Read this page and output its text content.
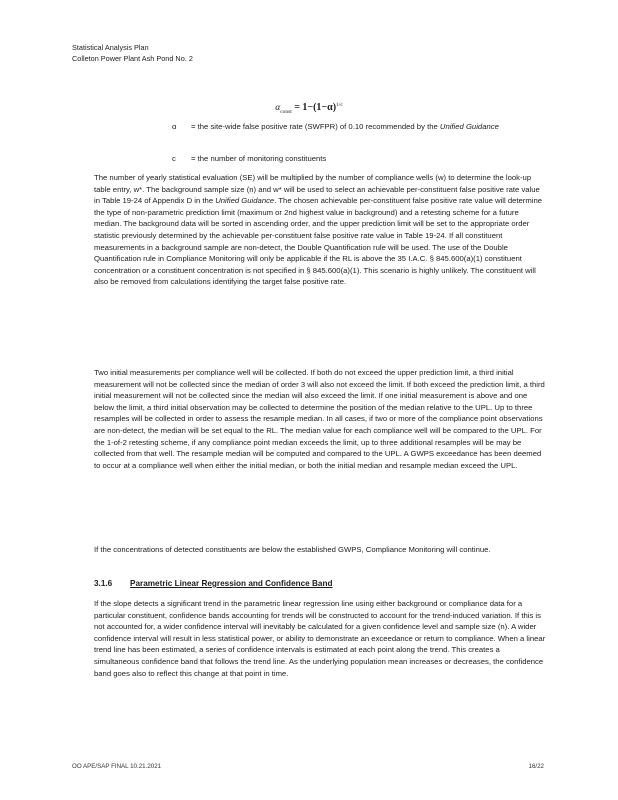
Statistical Analysis Plan
Colleton Power Plant Ash Pond No. 2
$\alpha_{const} = 1-(1-\alpha)^{1/c}$
α	= the site-wide false positive rate (SWFPR) of 0.10 recommended by the Unified Guidance
c	= the number of monitoring constituents

The number of yearly statistical evaluation (SE) will be multiplied by the number of compliance wells (w) to determine the look-up table entry, w*. The background sample size (n) and w* will be used to select an achievable per-constituent false positive rate value in Table 19-24 of Appendix D in the Unified Guidance. The chosen achievable per-constituent false positive rate value will determine the type of non-parametric prediction limit (maximum or 2nd highest value in background) and a retesting scheme for a future median. The background data will be sorted in ascending order, and the upper prediction limit will be set to the appropriate order statistic previously determined by the achievable per-constituent false positive rate value in Table 19-24. If all constituent measurements in a background sample are non-detect, the Double Quantification rule will be used. The use of the Double Quantification rule in Compliance Monitoring will only be applicable if the RL is above the 35 I.A.C. § 845.600(a)(1) constituent concentration or a constituent concentration is not specified in § 845.600(a)(1). This scenario is highly unlikely. The constituent will also be removed from calculations identifying the target false positive rate.

Two initial measurements per compliance well will be collected. If both do not exceed the upper prediction limit, a third initial measurement will not be collected since the median of order 3 will also not exceed the limit. If both exceed the prediction limit, a third initial measurement will not be collected since the median will also exceed the limit. If one initial measurement is above and one below the limit, a third initial observation may be collected to determine the position of the median relative to the UPL. Up to three resamples will be collected in order to assess the resample median. In all cases, if two or more of the compliance point observations are non-detect, the median will be set equal to the RL. The median value for each compliance well will be compared to the UPL. For the 1-of-2 retesting scheme, if any compliance point median exceeds the limit, up to three additional resamples will be may be collected from that well. The resample median will be computed and compared to the UPL. A GWPS exceedance has been deemed to occur at a compliance well when either the initial median, or both the initial median and resample median exceed the UPL.

If the concentrations of detected constituents are below the established GWPS, Compliance Monitoring will continue.

3.1.6 Parametric Linear Regression and Confidence Band

If the slope detects a significant trend in the parametric linear regression line using either background or compliance data for a particular constituent, confidence bands accounting for trends will be constructed to account for the trend-induced variation. If this is not accounted for, a wider confidence interval will inevitably be calculated for a given confidence level and sample size (n). A wider confidence interval will result in less statistical power, or ability to demonstrate an exceedance or return to compliance. When a linear trend line has been estimated, a series of confidence intervals is estimated at each point along the trend. This creates a simultaneous confidence band that follows the trend line. As the underlying population mean increases or decreases, the confidence band goes also to reflect this change at that point in time.

OO APE/SAP FINAL 10.21.2021	16/22
